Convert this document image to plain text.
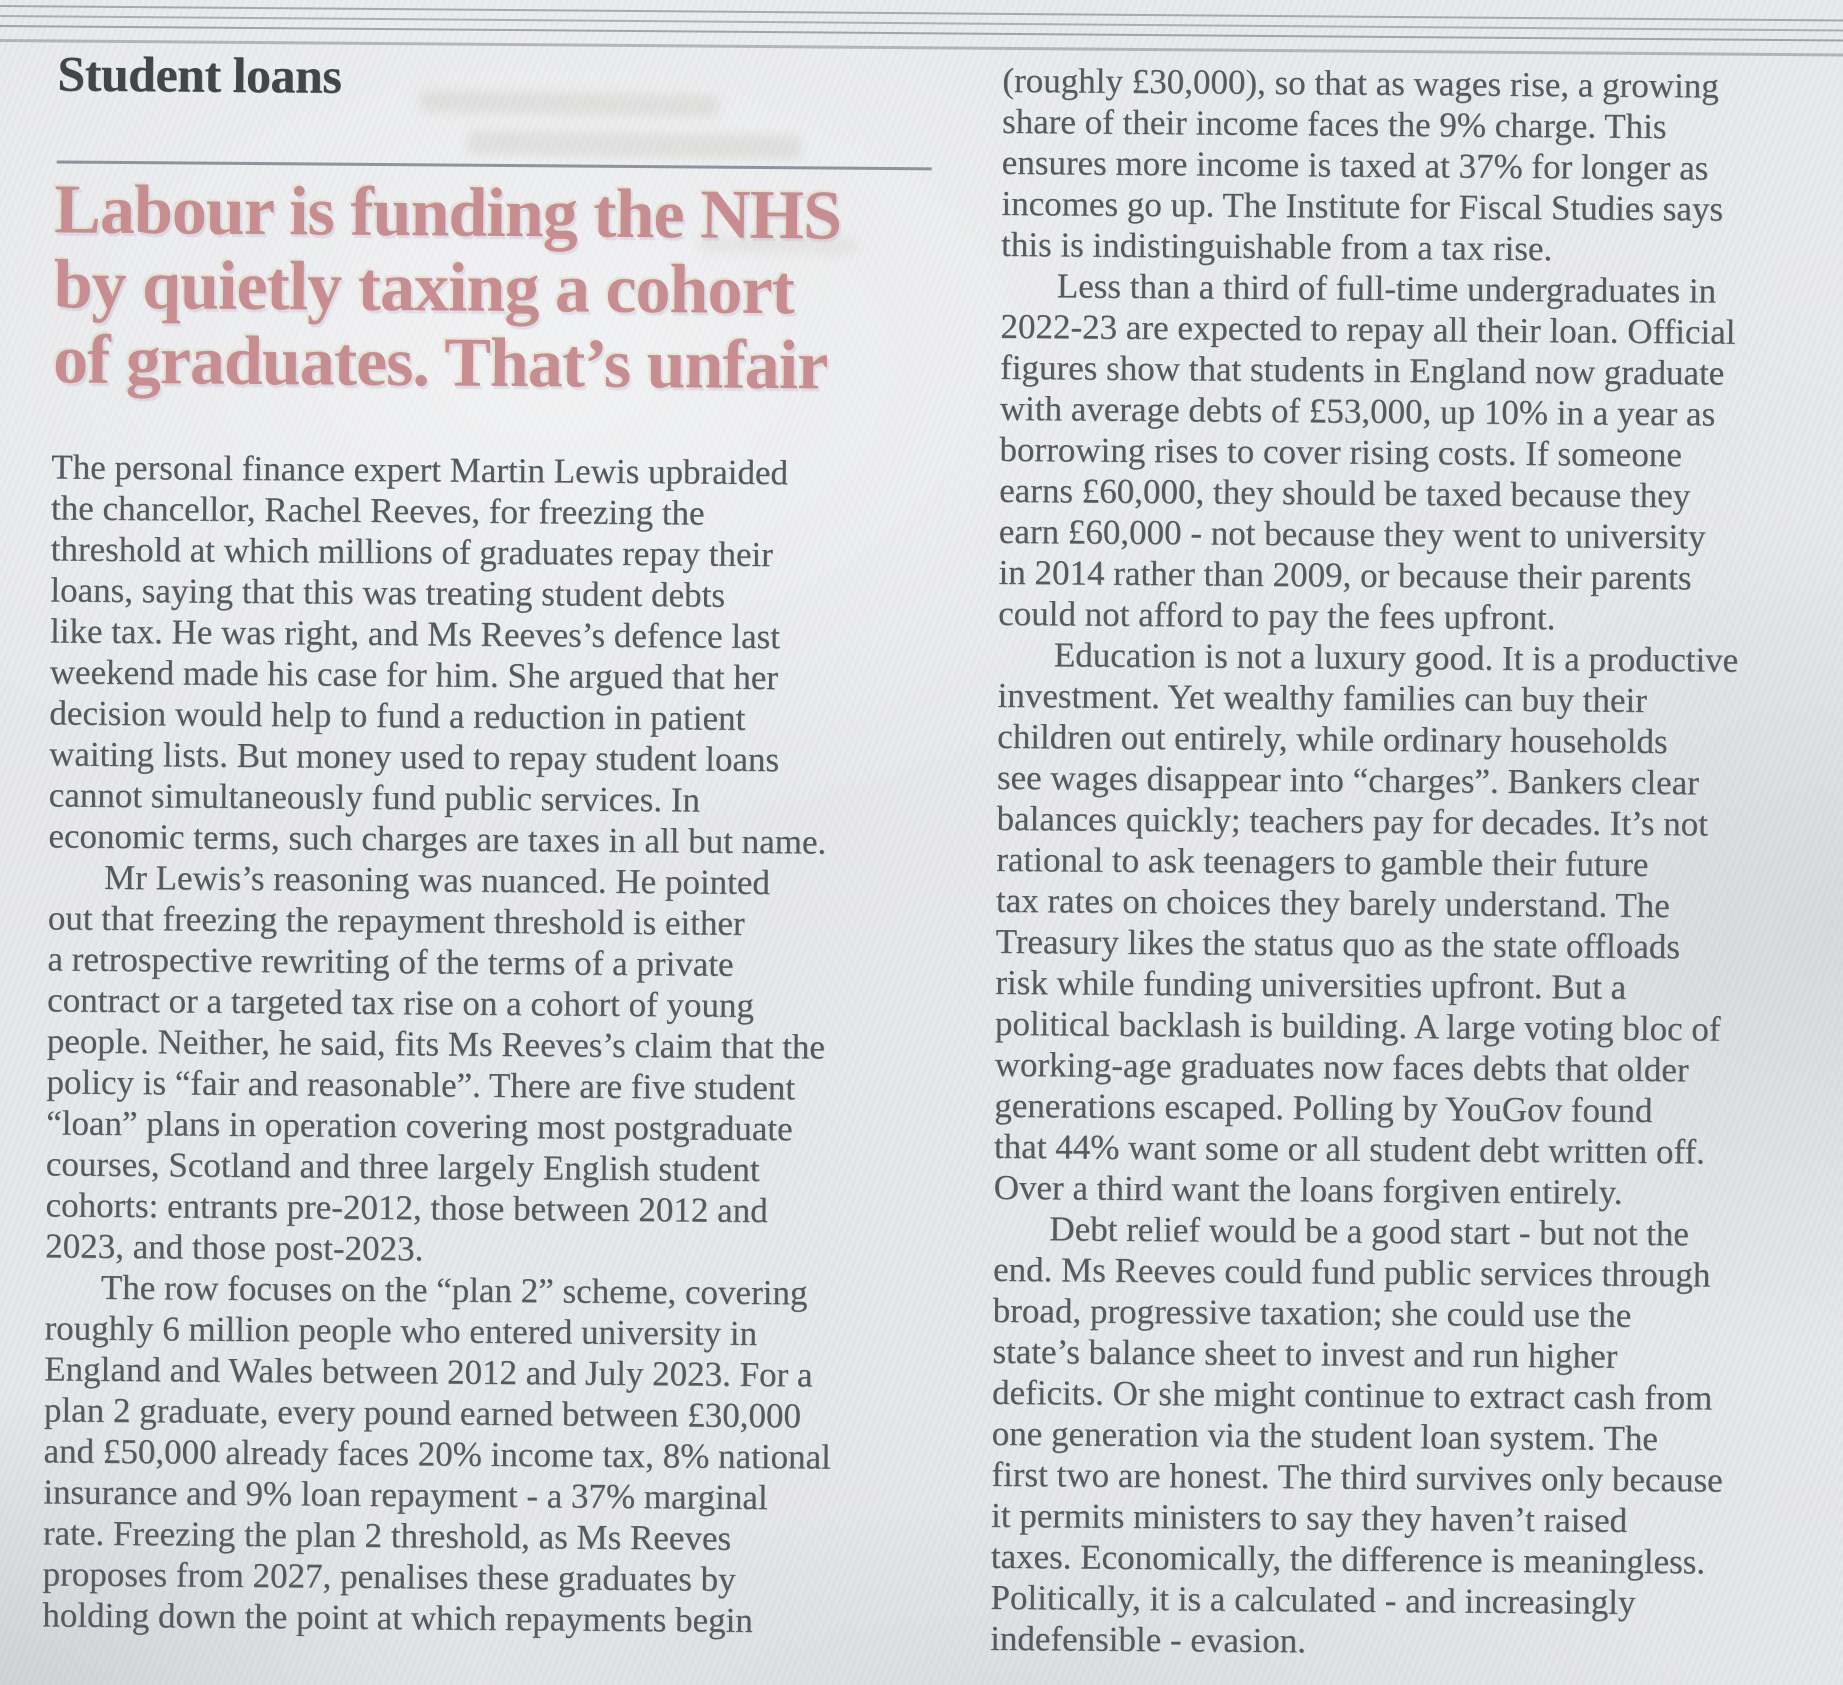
Student loans
Labour is funding the NHS
by quietly taxing a cohort
of graduates. That’s unfair

The personal finance expert Martin Lewis upbraided
the chancellor, Rachel Reeves, for freezing the
threshold at which millions of graduates repay their
loans, saying that this was treating student debts
like tax. He was right, and Ms Reeves’s defence last
weekend made his case for him. She argued that her
decision would help to fund a reduction in patient
waiting lists. But money used to repay student loans
cannot simultaneously fund public services. In
economic terms, such charges are taxes in all but name.

Mr Lewis’s reasoning was nuanced. He pointed
out that freezing the repayment threshold is either
a retrospective rewriting of the terms of a private
contract or a targeted tax rise on a cohort of young
people. Neither, he said, fits Ms Reeves’s claim that the
policy is “fair and reasonable”. There are five student
“loan” plans in operation covering most postgraduate
courses, Scotland and three largely English student
cohorts: entrants pre-2012, those between 2012 and
2023, and those post-2023.

The row focuses on the “plan 2” scheme, covering
roughly 6 million people who entered university in
England and Wales between 2012 and July 2023. For a
plan 2 graduate, every pound earned between £30,000
and £50,000 already faces 20% income tax, 8% national
insurance and 9% loan repayment - a 37% marginal
rate. Freezing the plan 2 threshold, as Ms Reeves
proposes from 2027, penalises these graduates by
holding down the point at which repayments begin

(roughly £30,000), so that as wages rise, a growing
share of their income faces the 9% charge. This
ensures more income is taxed at 37% for longer as
incomes go up. The Institute for Fiscal Studies says
this is indistinguishable from a tax rise.

Less than a third of full-time undergraduates in
2022-23 are expected to repay all their loan. Official
figures show that students in England now graduate
with average debts of £53,000, up 10% in a year as
borrowing rises to cover rising costs. If someone
earns £60,000, they should be taxed because they
earn £60,000 - not because they went to university
in 2014 rather than 2009, or because their parents
could not afford to pay the fees upfront.

Education is not a luxury good. It is a productive
investment. Yet wealthy families can buy their
children out entirely, while ordinary households
see wages disappear into “charges”. Bankers clear
balances quickly; teachers pay for decades. It’s not
rational to ask teenagers to gamble their future
tax rates on choices they barely understand. The
Treasury likes the status quo as the state offloads
risk while funding universities upfront. But a
political backlash is building. A large voting bloc of
working-age graduates now faces debts that older
generations escaped. Polling by YouGov found
that 44% want some or all student debt written off.
Over a third want the loans forgiven entirely.

Debt relief would be a good start - but not the
end. Ms Reeves could fund public services through
broad, progressive taxation; she could use the
state’s balance sheet to invest and run higher
deficits. Or she might continue to extract cash from
one generation via the student loan system. The
first two are honest. The third survives only because
it permits ministers to say they haven’t raised
taxes. Economically, the difference is meaningless.
Politically, it is a calculated - and increasingly
indefensible - evasion.
